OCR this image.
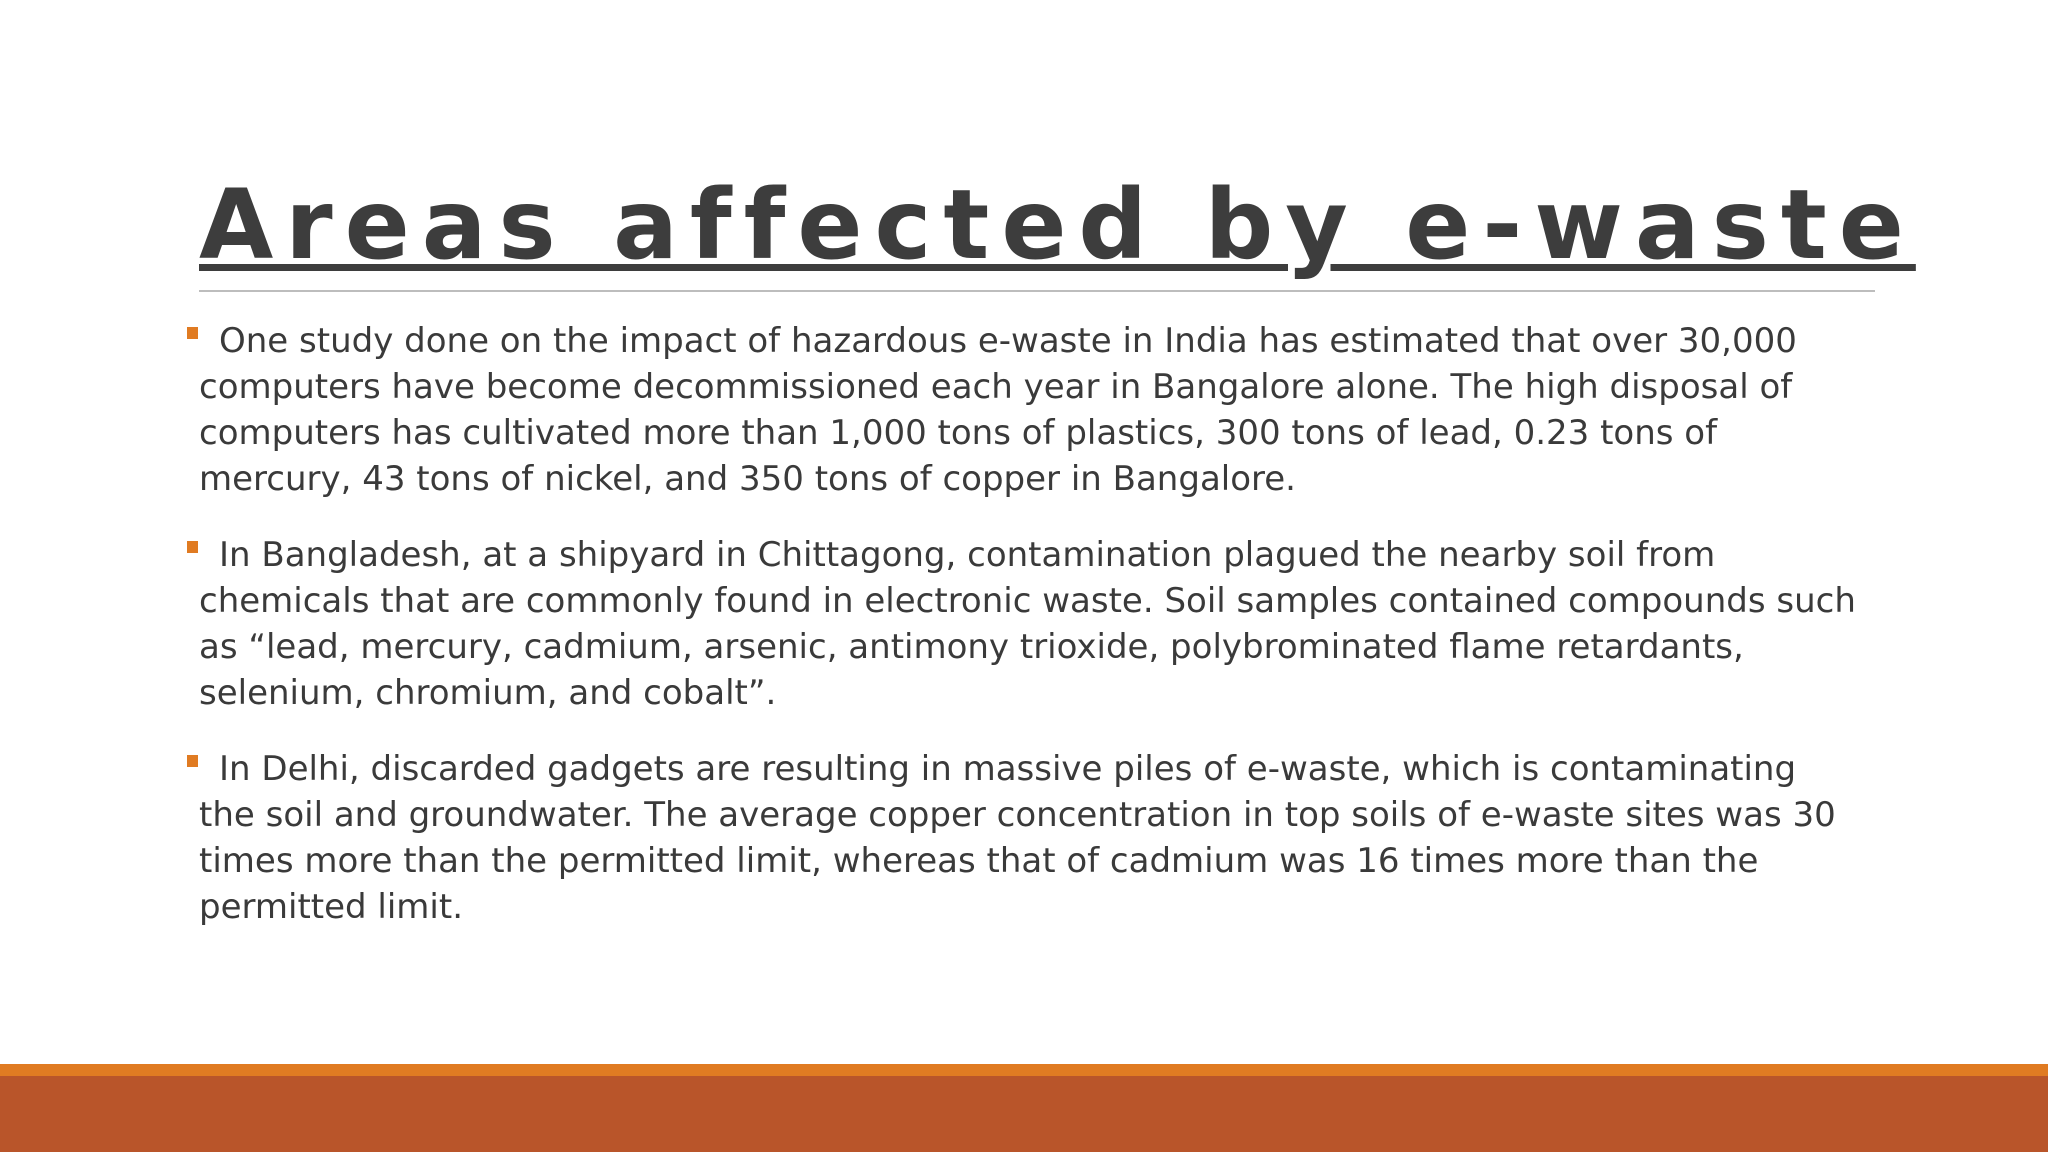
Areas affected by e-waste
One study done on the impact of hazardous e-waste in India has estimated that over 30,000 computers have become decommissioned each year in Bangalore alone. The high disposal of computers has cultivated more than 1,000 tons of plastics, 300 tons of lead, 0.23 tons of mercury, 43 tons of nickel, and 350 tons of copper in Bangalore.
In Bangladesh, at a shipyard in Chittagong, contamination plagued the nearby soil from chemicals that are commonly found in electronic waste. Soil samples contained compounds such as “lead, mercury, cadmium, arsenic, antimony trioxide, polybrominated flame retardants, selenium, chromium, and cobalt”.
In Delhi, discarded gadgets are resulting in massive piles of e-waste, which is contaminating the soil and groundwater. The average copper concentration in top soils of e-waste sites was 30 times more than the permitted limit, whereas that of cadmium was 16 times more than the permitted limit.
